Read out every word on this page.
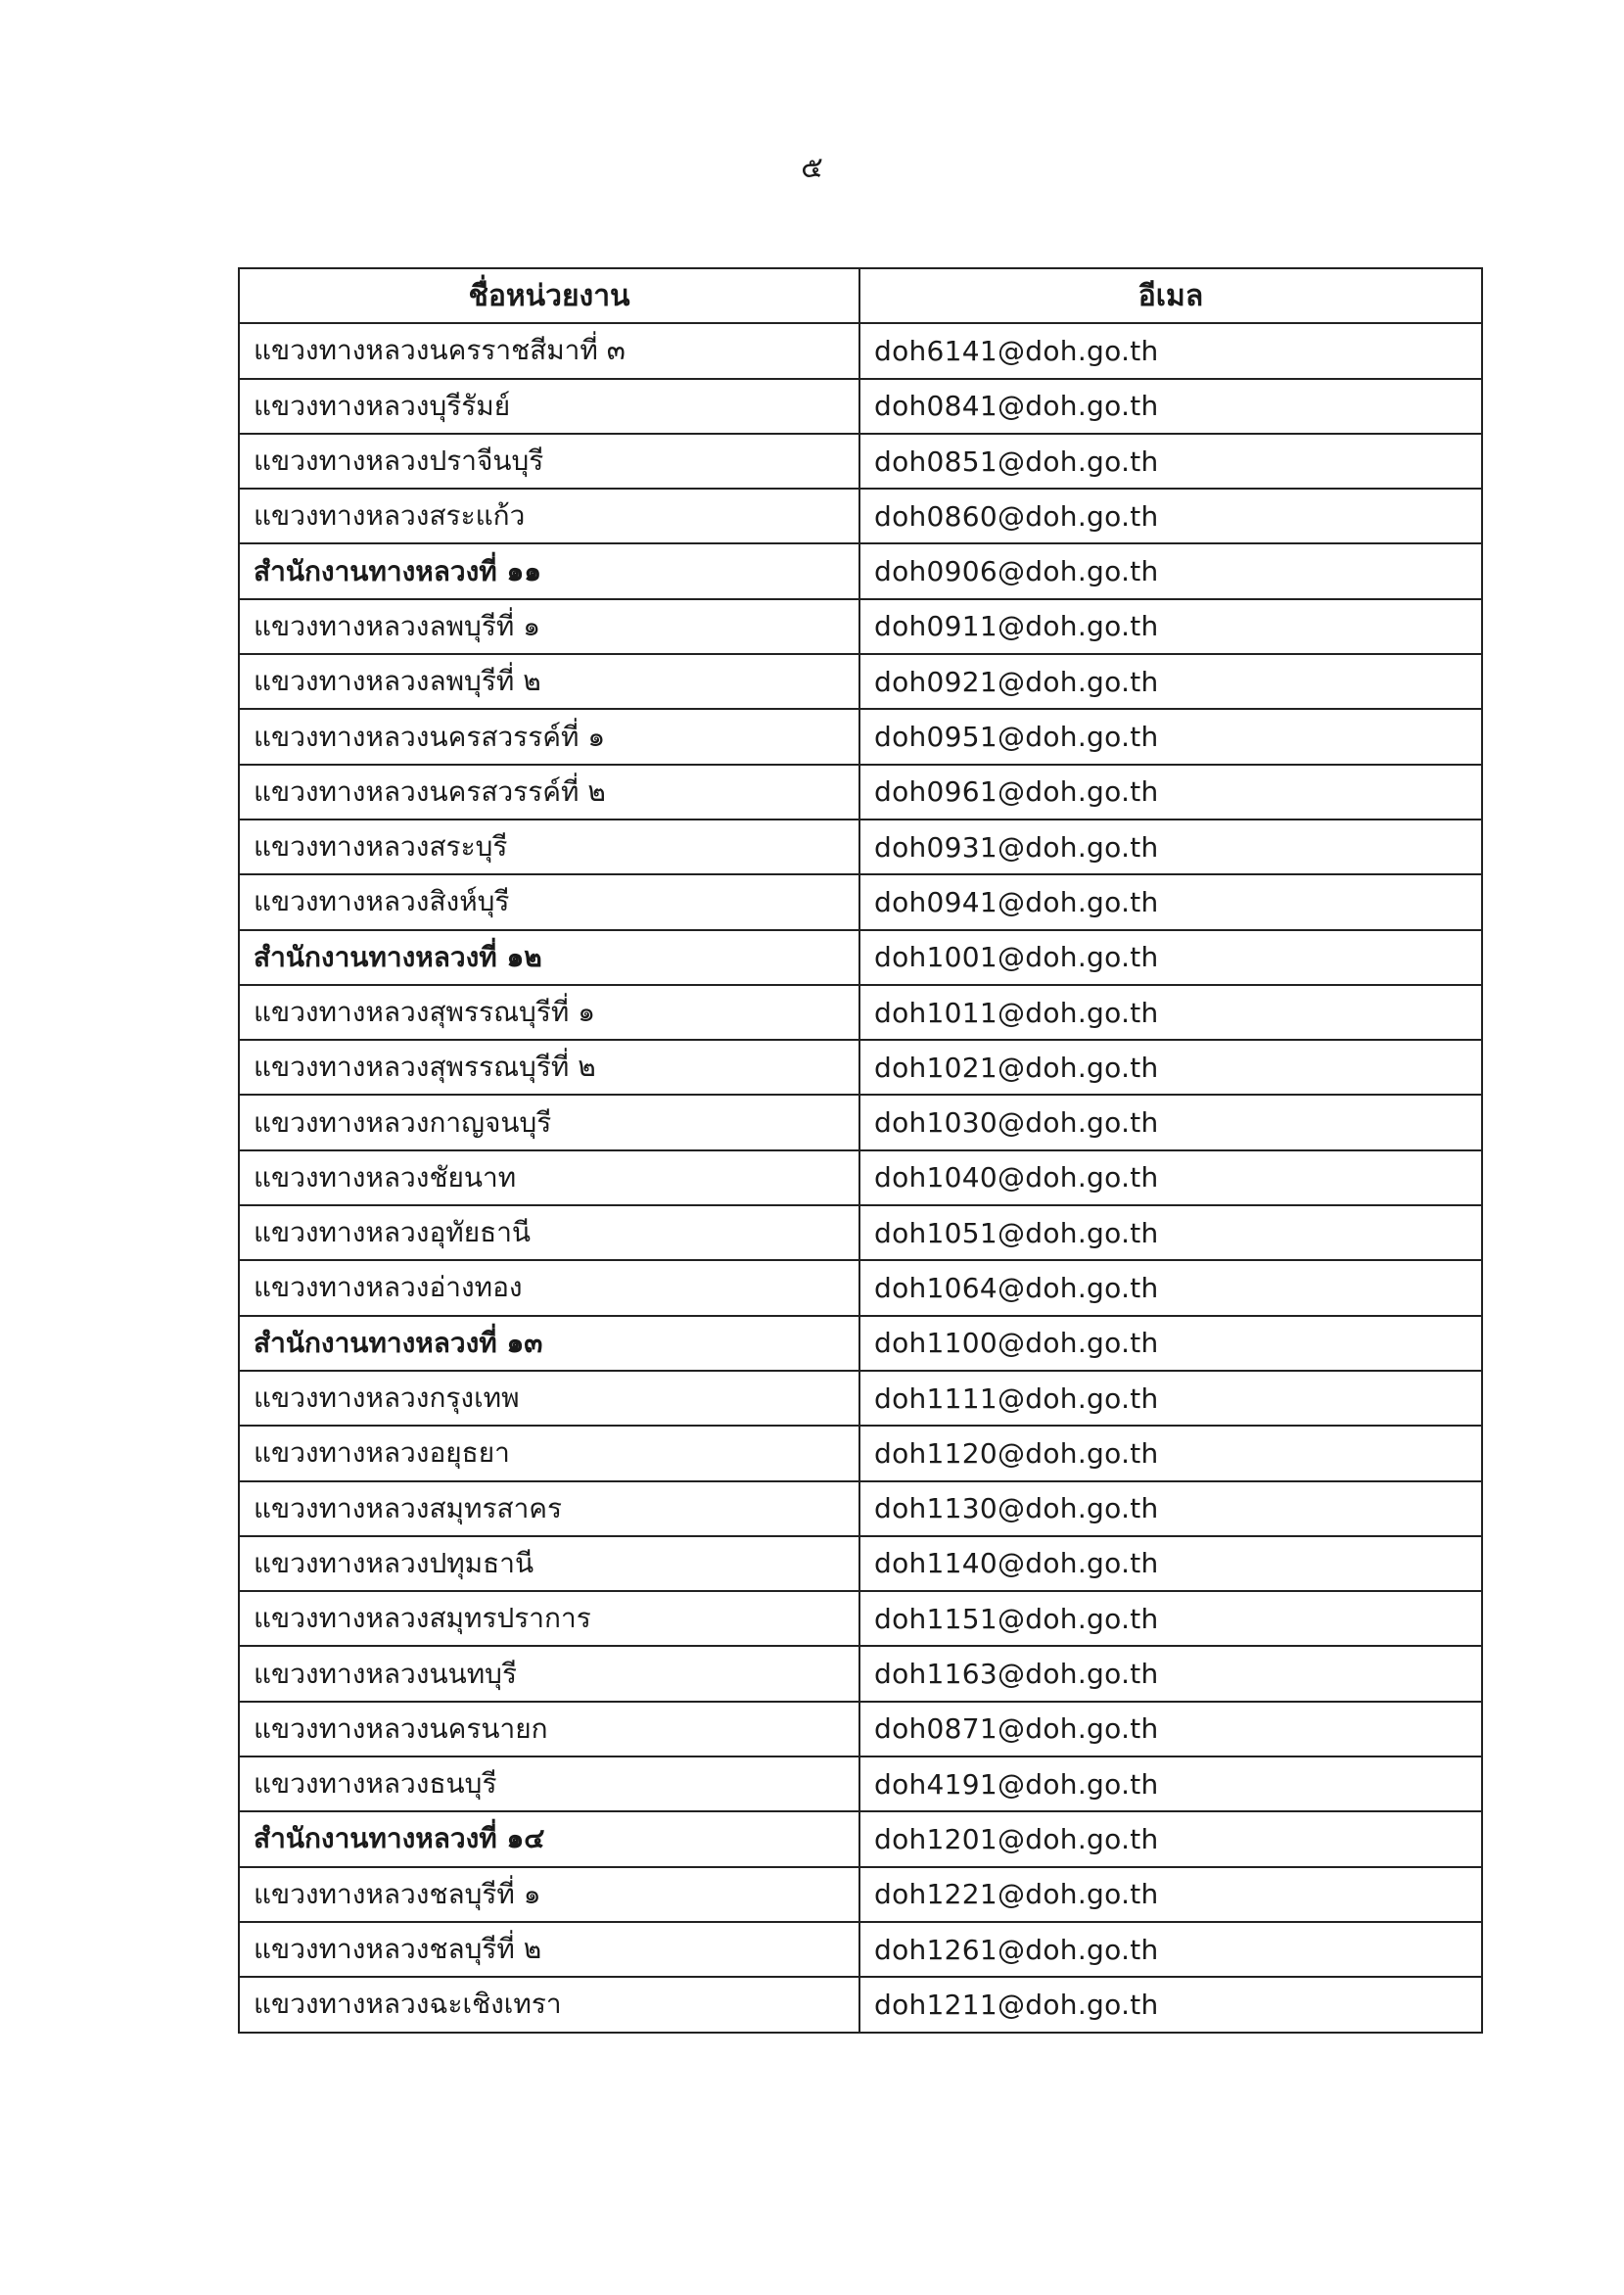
๕
ชื่อหน่วยงาน	อีเมล
แขวงทางหลวงนครราชสีมาที่ ๓	doh6141@doh.go.th
แขวงทางหลวงบุรีรัมย์	doh0841@doh.go.th
แขวงทางหลวงปราจีนบุรี	doh0851@doh.go.th
แขวงทางหลวงสระแก้ว	doh0860@doh.go.th
สำนักงานทางหลวงที่ ๑๑	doh0906@doh.go.th
แขวงทางหลวงลพบุรีที่ ๑	doh0911@doh.go.th
แขวงทางหลวงลพบุรีที่ ๒	doh0921@doh.go.th
แขวงทางหลวงนครสวรรค์ที่ ๑	doh0951@doh.go.th
แขวงทางหลวงนครสวรรค์ที่ ๒	doh0961@doh.go.th
แขวงทางหลวงสระบุรี	doh0931@doh.go.th
แขวงทางหลวงสิงห์บุรี	doh0941@doh.go.th
สำนักงานทางหลวงที่ ๑๒	doh1001@doh.go.th
แขวงทางหลวงสุพรรณบุรีที่ ๑	doh1011@doh.go.th
แขวงทางหลวงสุพรรณบุรีที่ ๒	doh1021@doh.go.th
แขวงทางหลวงกาญจนบุรี	doh1030@doh.go.th
แขวงทางหลวงชัยนาท	doh1040@doh.go.th
แขวงทางหลวงอุทัยธานี	doh1051@doh.go.th
แขวงทางหลวงอ่างทอง	doh1064@doh.go.th
สำนักงานทางหลวงที่ ๑๓	doh1100@doh.go.th
แขวงทางหลวงกรุงเทพ	doh1111@doh.go.th
แขวงทางหลวงอยุธยา	doh1120@doh.go.th
แขวงทางหลวงสมุทรสาคร	doh1130@doh.go.th
แขวงทางหลวงปทุมธานี	doh1140@doh.go.th
แขวงทางหลวงสมุทรปราการ	doh1151@doh.go.th
แขวงทางหลวงนนทบุรี	doh1163@doh.go.th
แขวงทางหลวงนครนายก	doh0871@doh.go.th
แขวงทางหลวงธนบุรี	doh4191@doh.go.th
สำนักงานทางหลวงที่ ๑๔	doh1201@doh.go.th
แขวงทางหลวงชลบุรีที่ ๑	doh1221@doh.go.th
แขวงทางหลวงชลบุรีที่ ๒	doh1261@doh.go.th
แขวงทางหลวงฉะเชิงเทรา	doh1211@doh.go.th
